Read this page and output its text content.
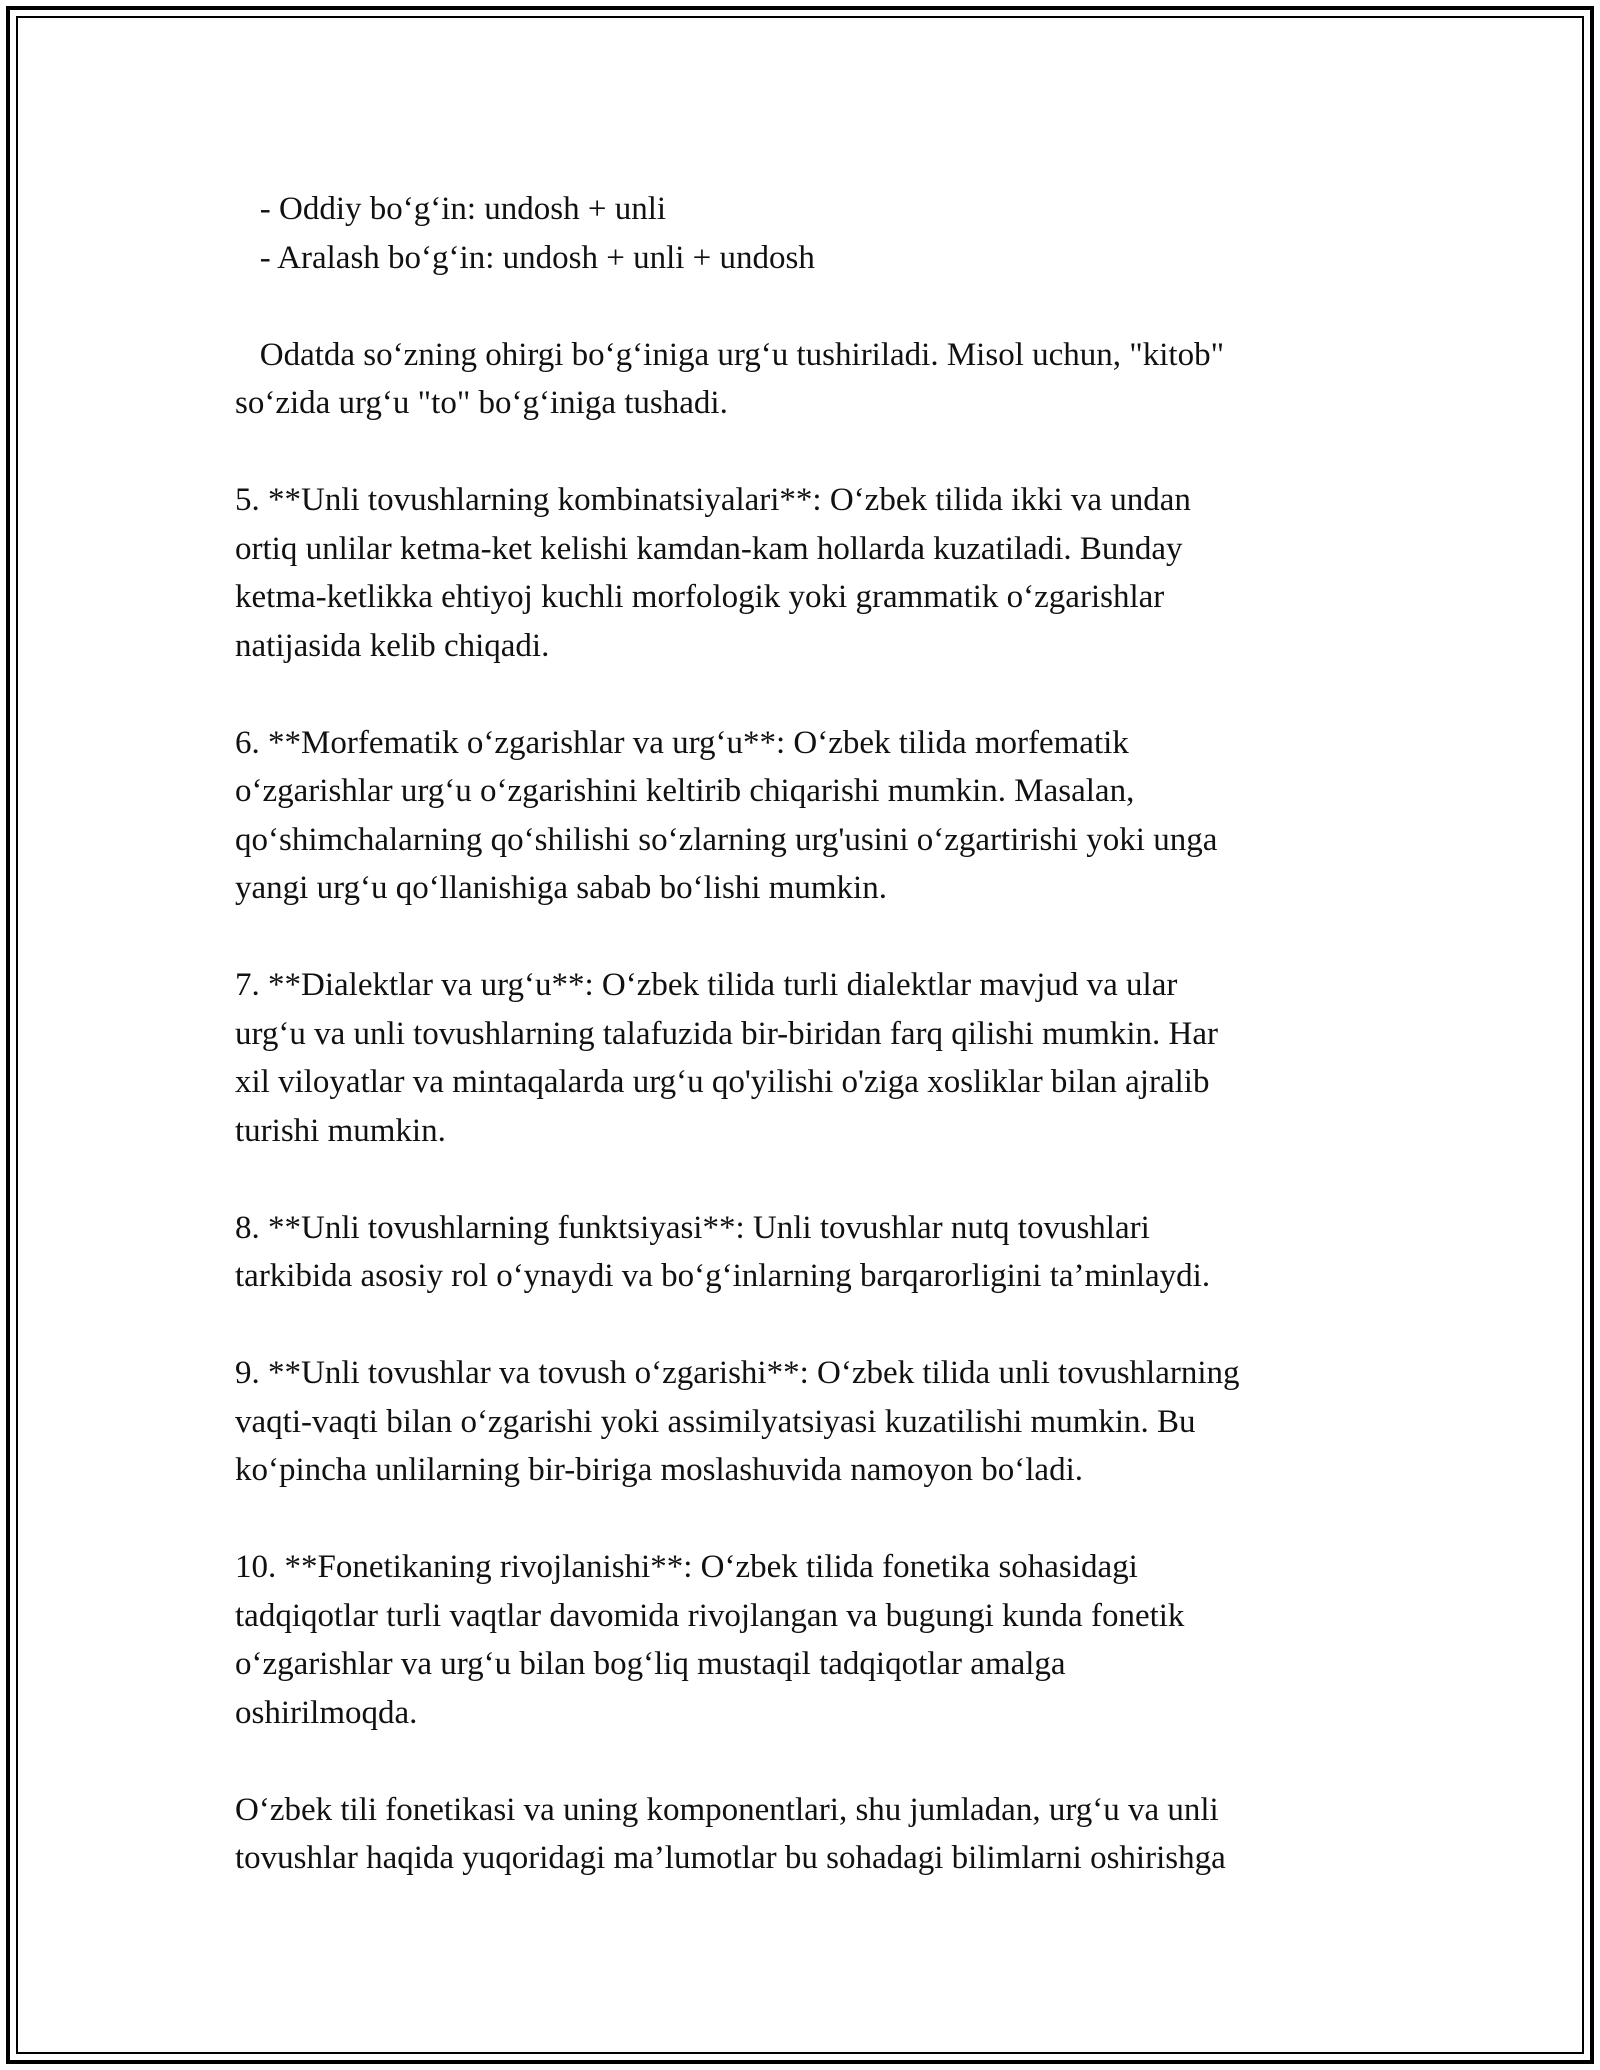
- Oddiy bo‘g‘in: undosh + unli
- Aralash bo‘g‘in: undosh + unli + undosh
Odatda so‘zning ohirgi bo‘g‘iniga urg‘u tushiriladi. Misol uchun, "kitob"
so‘zida urg‘u "to" bo‘g‘iniga tushadi.
5. **Unli tovushlarning kombinatsiyalari**: O‘zbek tilida ikki va undan
ortiq unlilar ketma-ket kelishi kamdan-kam hollarda kuzatiladi. Bunday
ketma-ketlikka ehtiyoj kuchli morfologik yoki grammatik o‘zgarishlar
natijasida kelib chiqadi.
6. **Morfematik o‘zgarishlar va urg‘u**: O‘zbek tilida morfematik
o‘zgarishlar urg‘u o‘zgarishini keltirib chiqarishi mumkin. Masalan,
qo‘shimchalarning qo‘shilishi so‘zlarning urg'usini o‘zgartirishi yoki unga
yangi urg‘u qo‘llanishiga sabab bo‘lishi mumkin.
7. **Dialektlar va urg‘u**: O‘zbek tilida turli dialektlar mavjud va ular
urg‘u va unli tovushlarning talafuzida bir-biridan farq qilishi mumkin. Har
xil viloyatlar va mintaqalarda urg‘u qo'yilishi o'ziga xosliklar bilan ajralib
turishi mumkin.
8. **Unli tovushlarning funktsiyasi**: Unli tovushlar nutq tovushlari
tarkibida asosiy rol o‘ynaydi va bo‘g‘inlarning barqarorligini ta’minlaydi.
9. **Unli tovushlar va tovush o‘zgarishi**: O‘zbek tilida unli tovushlarning
vaqti-vaqti bilan o‘zgarishi yoki assimilyatsiyasi kuzatilishi mumkin. Bu
ko‘pincha unlilarning bir-biriga moslashuvida namoyon bo‘ladi.
10. **Fonetikaning rivojlanishi**: O‘zbek tilida fonetika sohasidagi
tadqiqotlar turli vaqtlar davomida rivojlangan va bugungi kunda fonetik
o‘zgarishlar va urg‘u bilan bog‘liq mustaqil tadqiqotlar amalga
oshirilmoqda.
O‘zbek tili fonetikasi va uning komponentlari, shu jumladan, urg‘u va unli
tovushlar haqida yuqoridagi ma’lumotlar bu sohadagi bilimlarni oshirishga
